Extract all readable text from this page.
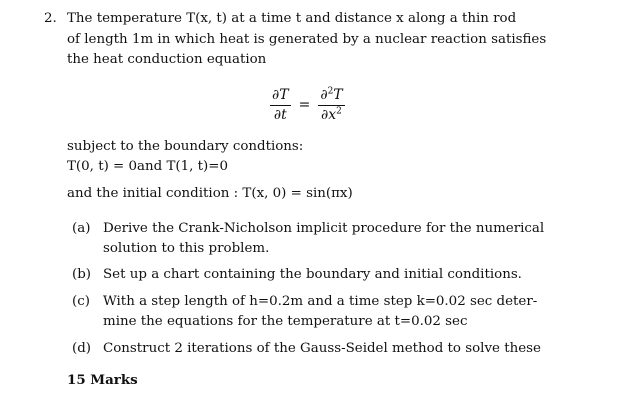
2. The temperature T(x, t) at a time t and distance x along a thin rod
of length 1m in which heat is generated by a nuclear reaction satisfies
the heat conduction equation
$\frac{\partial T}{\partial t} = \frac{\partial^2T}{\partial x^2}$
subject to the boundary condtions:
T(0, t) = 0and T(1, t)=0
and the initial condition : T(x, 0) = sin(πx)
(a) Derive the Crank-Nicholson implicit procedure for the numerical
solution to this problem.
(b) Set up a chart containing the boundary and initial conditions.
(c) With a step length of h=0.2m and a time step k=0.02 sec deter-
mine the equations for the temperature at t=0.02 sec
(d) Construct 2 iterations of the Gauss-Seidel method to solve these
15 Marks
